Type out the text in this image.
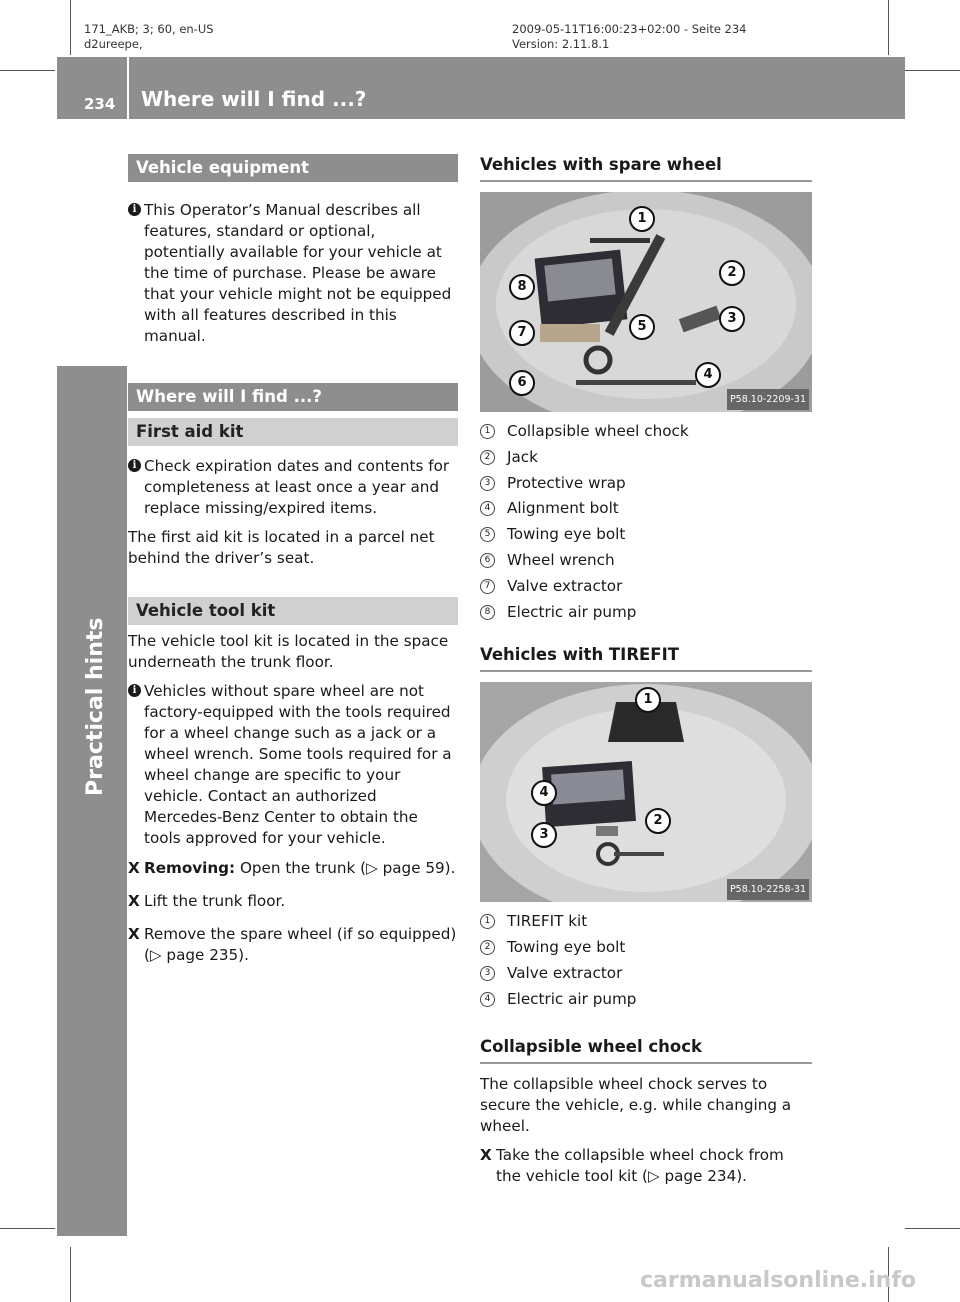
171_AKB; 3; 60, en-US
d2ureepe,
2009-05-11T16:00:23+02:00 - Seite 234
Version: 2.11.8.1
234 Where will I find ...?
Practical hints
Vehicle equipment
i This Operator’s Manual describes all features, standard or optional, potentially available for your vehicle at the time of purchase. Please be aware that your vehicle might not be equipped with all features described in this manual.
Where will I find ...?
First aid kit
i Check expiration dates and contents for completeness at least once a year and replace missing/expired items.
The first aid kit is located in a parcel net behind the driver’s seat.
Vehicle tool kit
The vehicle tool kit is located in the space underneath the trunk floor.
i Vehicles without spare wheel are not factory-equipped with the tools required for a wheel change such as a jack or a wheel wrench. Some tools required for a wheel change are specific to your vehicle. Contact an authorized Mercedes-Benz Center to obtain the tools approved for your vehicle.
X Removing: Open the trunk (▷ page 59).
X Lift the trunk floor.
X Remove the spare wheel (if so equipped) (▷ page 235).
Vehicles with spare wheel
1
2
3
4
5
6
7
8
P58.10-2209-31
1	Collapsible wheel chock
2	Jack
3	Protective wrap
4	Alignment bolt
5	Towing eye bolt
6	Wheel wrench
7	Valve extractor
8	Electric air pump
Vehicles with TIREFIT
1
2
3
4
P58.10-2258-31
1	TIREFIT kit
2	Towing eye bolt
3	Valve extractor
4	Electric air pump
Collapsible wheel chock
The collapsible wheel chock serves to secure the vehicle, e.g. while changing a wheel.
X Take the collapsible wheel chock from the vehicle tool kit (▷ page 234).
carmanualsonline.info
